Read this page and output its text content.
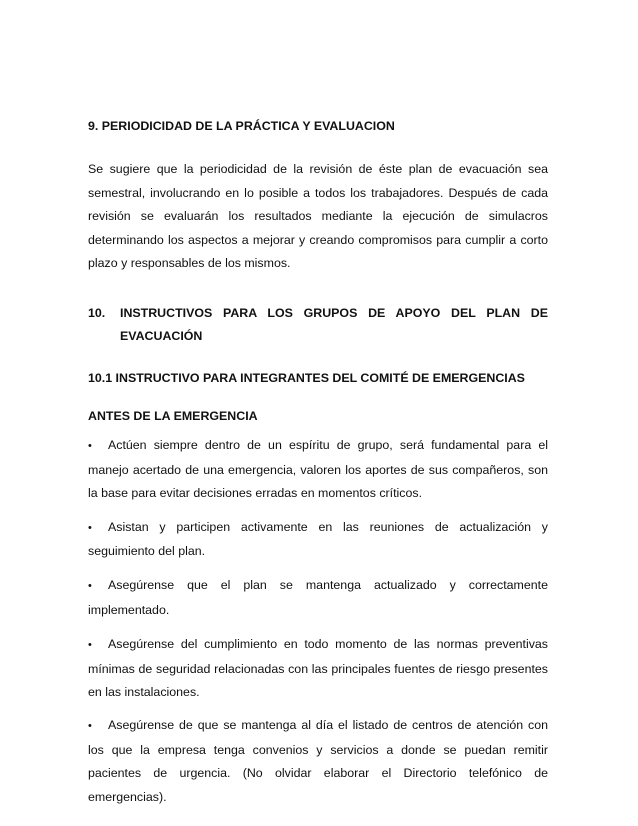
9. PERIODICIDAD DE LA PRÁCTICA Y EVALUACION

Se sugiere que la periodicidad de la revisión de éste plan de evacuación sea semestral, involucrando en lo posible a todos los trabajadores. Después de cada revisión se evaluarán los resultados mediante la ejecución de simulacros determinando los aspectos a mejorar y creando compromisos para cumplir a corto plazo y responsables de los mismos.

10.	INSTRUCTIVOS PARA LOS GRUPOS DE APOYO DEL PLAN DE EVACUACIÓN

10.1 INSTRUCTIVO PARA INTEGRANTES DEL COMITÉ DE EMERGENCIAS

ANTES DE LA EMERGENCIA

• Actúen siempre dentro de un espíritu de grupo, será fundamental para el manejo acertado de una emergencia, valoren los aportes de sus compañeros, son la base para evitar decisiones erradas en momentos críticos.

• Asistan y participen activamente en las reuniones de actualización y seguimiento del plan.

• Asegúrense que el plan se mantenga actualizado y correctamente implementado.

• Asegúrense del cumplimiento en todo momento de las normas preventivas mínimas de seguridad relacionadas con las principales fuentes de riesgo presentes en las instalaciones.

• Asegúrense de que se mantenga al día el listado de centros de atención con los que la empresa tenga convenios y servicios a donde se puedan remitir pacientes de urgencia. (No olvidar elaborar el Directorio telefónico de emergencias).
